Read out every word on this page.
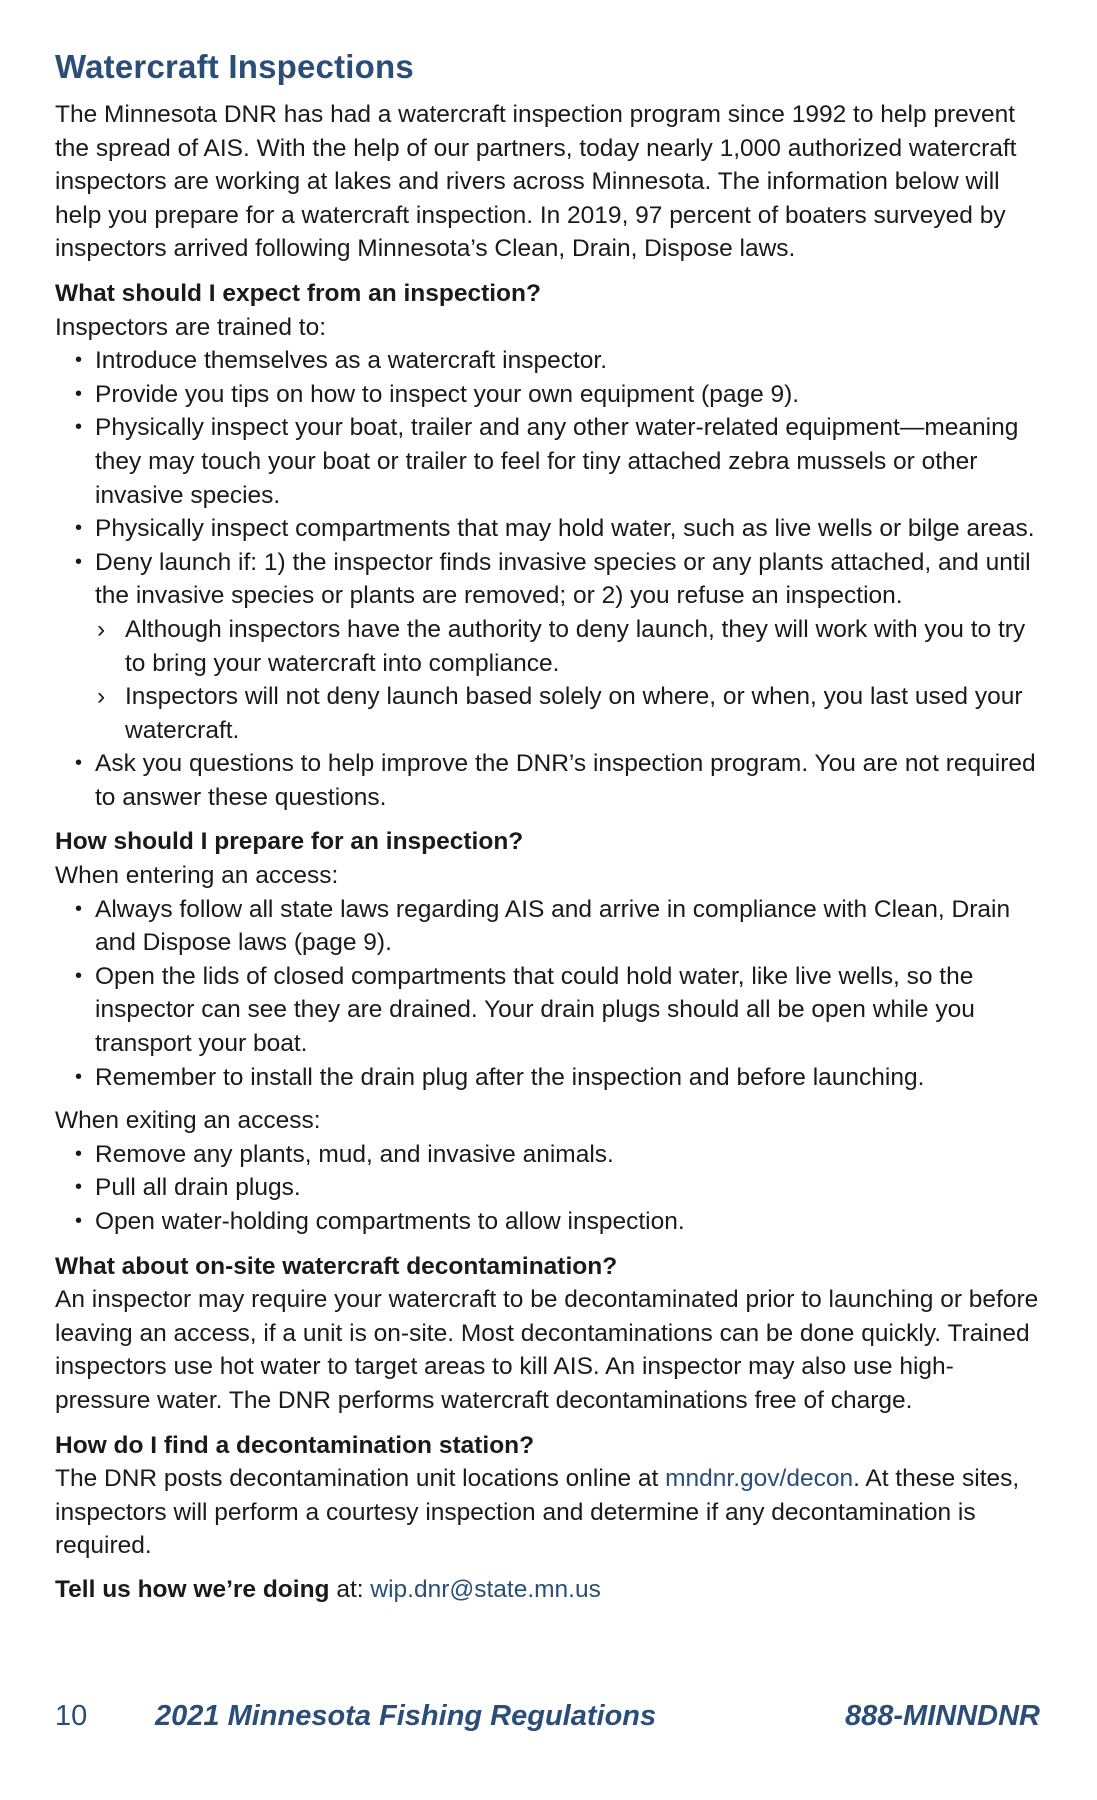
Watercraft Inspections

The Minnesota DNR has had a watercraft inspection program since 1992 to help prevent the spread of AIS. With the help of our partners, today nearly 1,000 authorized watercraft inspectors are working at lakes and rivers across Minnesota. The information below will help you prepare for a watercraft inspection. In 2019, 97 percent of boaters surveyed by inspectors arrived following Minnesota’s Clean, Drain, Dispose laws.

What should I expect from an inspection?

Inspectors are trained to:

• Introduce themselves as a watercraft inspector.
• Provide you tips on how to inspect your own equipment (page 9).
• Physically inspect your boat, trailer and any other water-related equipment—meaning they may touch your boat or trailer to feel for tiny attached zebra mussels or other invasive species.
• Physically inspect compartments that may hold water, such as live wells or bilge areas.
• Deny launch if: 1) the inspector finds invasive species or any plants attached, and until the invasive species or plants are removed; or 2) you refuse an inspection.
› Although inspectors have the authority to deny launch, they will work with you to try to bring your watercraft into compliance.
› Inspectors will not deny launch based solely on where, or when, you last used your watercraft.
• Ask you questions to help improve the DNR’s inspection program. You are not required to answer these questions.

How should I prepare for an inspection?

When entering an access:

• Always follow all state laws regarding AIS and arrive in compliance with Clean, Drain and Dispose laws (page 9).
• Open the lids of closed compartments that could hold water, like live wells, so the inspector can see they are drained. Your drain plugs should all be open while you transport your boat.
• Remember to install the drain plug after the inspection and before launching.

When exiting an access:

• Remove any plants, mud, and invasive animals.
• Pull all drain plugs.
• Open water-holding compartments to allow inspection.

What about on-site watercraft decontamination?

An inspector may require your watercraft to be decontaminated prior to launching or before leaving an access, if a unit is on-site. Most decontaminations can be done quickly. Trained inspectors use hot water to target areas to kill AIS. An inspector may also use high-pressure water. The DNR performs watercraft decontaminations free of charge.

How do I find a decontamination station?

The DNR posts decontamination unit locations online at mndnr.gov/decon. At these sites, inspectors will perform a courtesy inspection and determine if any decontamination is required.

Tell us how we’re doing at: wip.dnr@state.mn.us

10 2021 Minnesota Fishing Regulations	888-MINNDNR
